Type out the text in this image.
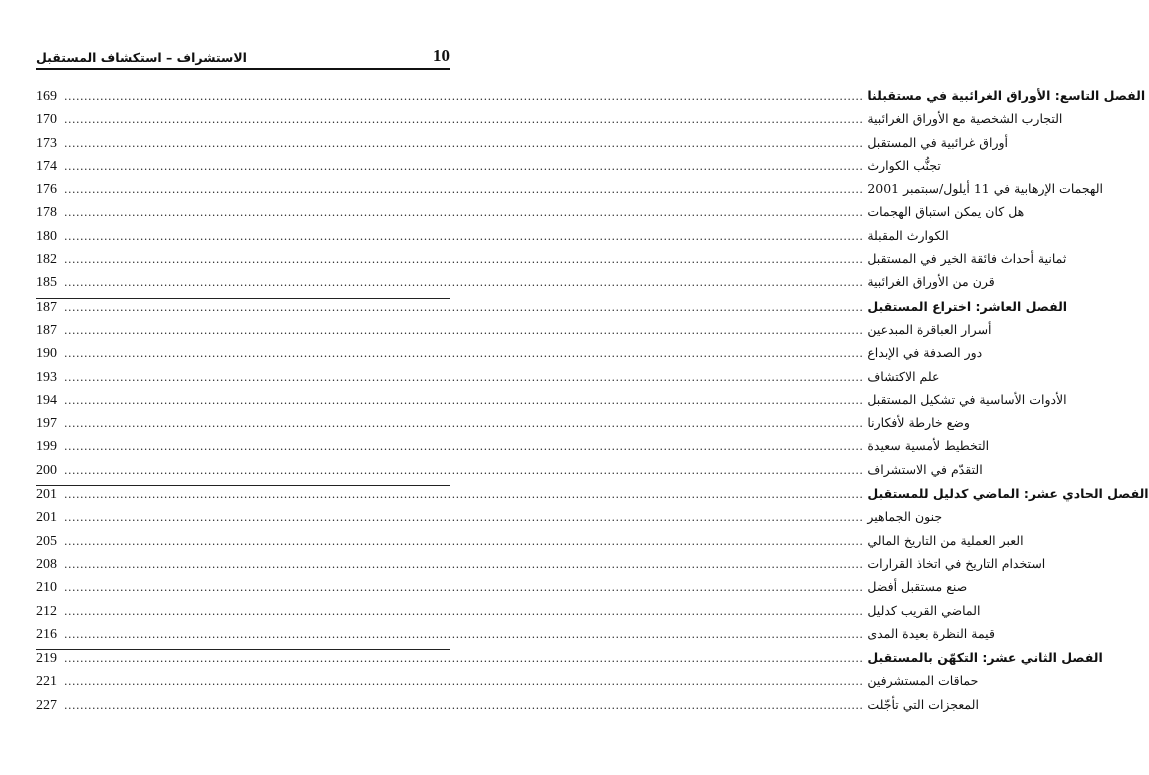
10
الاستشراف – استكشاف المستقبل
169 ........................................................................................................................................................................................................ الفصل التاسع: الأوراق الغرائبية في مستقبلنا
170 ........................................................................................................................................................................................................ التجارب الشخصية مع الأوراق الغرائبية
173 ........................................................................................................................................................................................................ أوراق غرائبية في المستقبل
174 ........................................................................................................................................................................................................ تجنُّب الكوارث
176 ........................................................................................................................................................................................................ الهجمات الإرهابية في 11 أيلول/سبتمبر 2001
178 ........................................................................................................................................................................................................ هل كان يمكن استباق الهجمات
180 ........................................................................................................................................................................................................ الكوارث المقبلة
182 ........................................................................................................................................................................................................ ثمانية أحداث فائقة الخير في المستقبل
185 ........................................................................................................................................................................................................ قرن من الأوراق الغرائبية
187 ........................................................................................................................................................................................................ الفصل العاشر: اختراع المستقبل
187 ........................................................................................................................................................................................................ أسرار العباقرة المبدعين
190 ........................................................................................................................................................................................................ دور الصدفة في الإبداع
193 ........................................................................................................................................................................................................ علم الاكتشاف
194 ........................................................................................................................................................................................................ الأدوات الأساسية في تشكيل المستقبل
197 ........................................................................................................................................................................................................ وضع خارطة لأفكارنا
199 ........................................................................................................................................................................................................ التخطيط لأمسية سعيدة
200 ........................................................................................................................................................................................................ التقدّم في الاستشراف
201 ........................................................................................................................................................................................................ الفصل الحادي عشر: الماضي كدليل للمستقبل
201 ........................................................................................................................................................................................................ جنون الجماهير
205 ........................................................................................................................................................................................................ العبر العملية من التاريخ المالي
208 ........................................................................................................................................................................................................ استخدام التاريخ في اتخاذ القرارات
210 ........................................................................................................................................................................................................ صنع مستقبل أفضل
212 ........................................................................................................................................................................................................ الماضي القريب كدليل
216 ........................................................................................................................................................................................................ قيمة النظرة بعيدة المدى
219 ........................................................................................................................................................................................................ الفصل الثاني عشر: التكهّن بالمستقبل
221 ........................................................................................................................................................................................................ حماقات المستشرفين
227 ........................................................................................................................................................................................................ المعجزات التي تأجّلت
